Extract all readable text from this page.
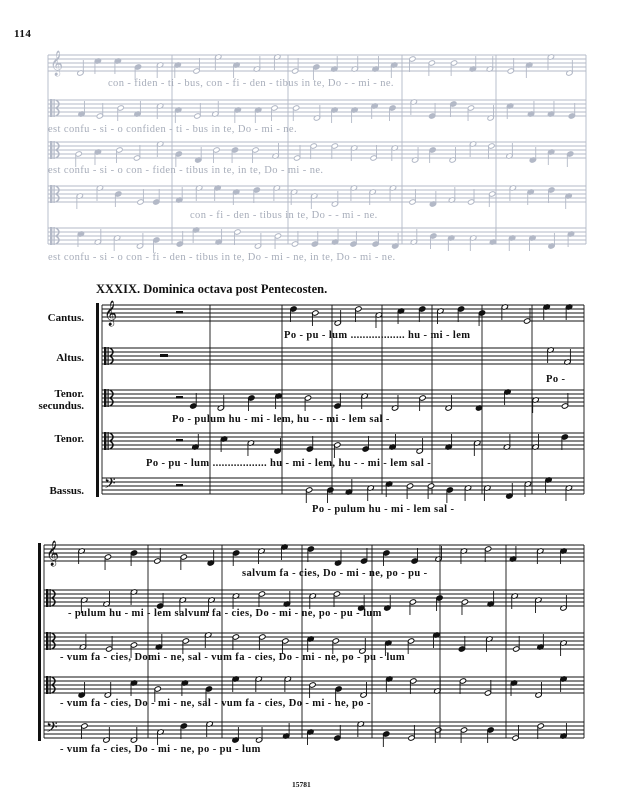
114
𝄞
𝄞
𝄢
𝄞
𝄢
con - fiden - ti - bus, con - fi - den - tibus in te, Do - - mi - ne.
est confu - si - o confiden - ti - bus in te, Do - mi - ne.
est confu - si - o con - fiden - tibus in te, in te, Do - mi - ne.
con - fi - den - tibus in te, Do - - mi - ne.
est confu - si - o con - fi - den - tibus in te, Do - mi - ne, in te, Do - mi - ne.
XXXIX. Dominica octava post Pentecosten.
Cantus.
Altus.
Tenor.
secundus.
Tenor.
Bassus.
Po - pu - lum .................. hu - mi - lem
Po -
Po - pulum hu - mi - lem, hu - - mi - lem sal -
Po - pu - lum .................. hu - mi - lem, hu - - mi - lem sal -
Po - pulum hu - mi - lem sal -
salvum fa - cies, Do - mi - ne, po - pu -
- pulum hu - mi - lem salvum fa - cies, Do - mi - ne, po - pu - lum
- vum fa - cies, Domi - ne, sal - vum fa - cies, Do - mi - ne, po - pu - lum
- vum fa - cies, Do - mi - ne, sal - vum fa - cies, Do - mi - ne, po -
- vum fa - cies, Do - mi - ne, po - pu - lum
15781
